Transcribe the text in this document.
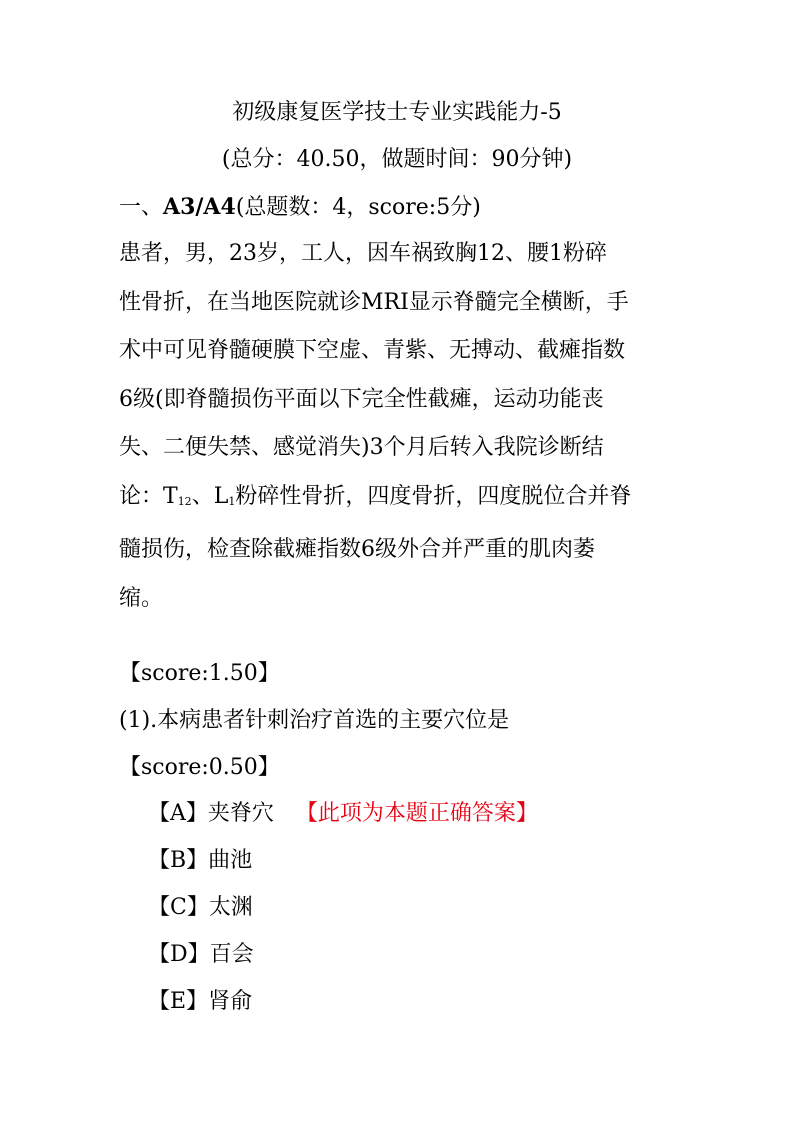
初级康复医学技士专业实践能力-5
(总分：40.50，做题时间：90分钟)
一、A3/A4(总题数：4，score:5分)
患者，男，23岁，工人，因车祸致胸12、腰1粉碎
性骨折，在当地医院就诊MRI显示脊髓完全横断，手
术中可见脊髓硬膜下空虚、青紫、无搏动、截瘫指数
6级(即脊髓损伤平面以下完全性截瘫，运动功能丧
失、二便失禁、感觉消失)3个月后转入我院诊断结
论：T12、L1粉碎性骨折，四度骨折，四度脱位合并脊
髓损伤，检查除截瘫指数6级外合并严重的肌肉萎
缩。
【score:1.50】
(1).本病患者针刺治疗首选的主要穴位是
【score:0.50】
【A】夹脊穴 【此项为本题正确答案】
【B】曲池
【C】太渊
【D】百会
【E】肾俞
